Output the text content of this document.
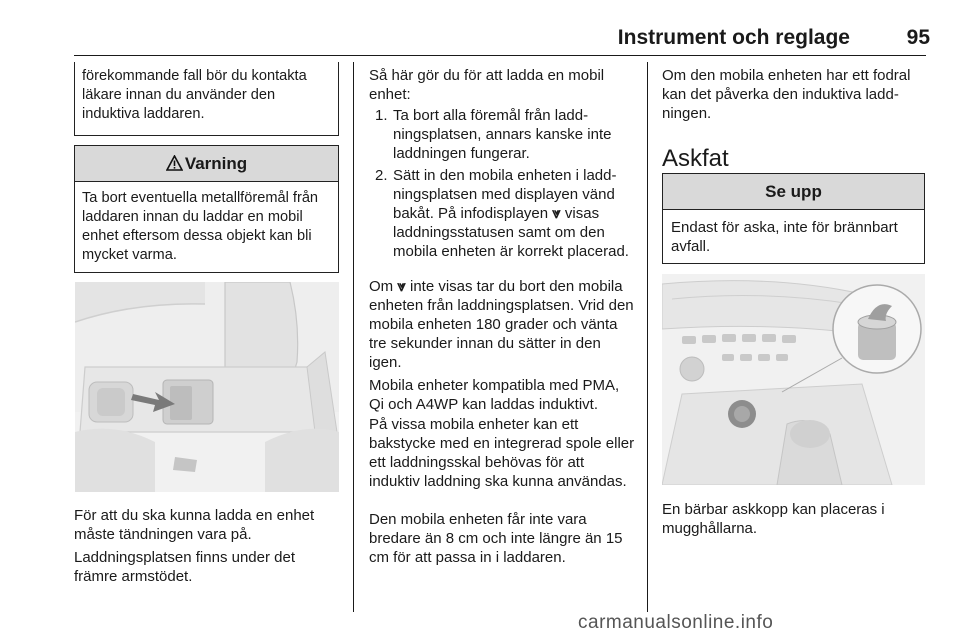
Instrument och reglage	95
förekommande fall bör du kontakta läkare innan du använder den induktiva laddaren.
Varning
Ta bort eventuella metallföremål från laddaren innan du laddar en mobil enhet eftersom dessa objekt kan bli mycket varma.

För att du ska kunna ladda en enhet måste tändningen vara på.

Laddningsplatsen finns under det främre armstödet.

Så här gör du för att ladda en mobil enhet:

1. Ta bort alla föremål från laddningsplatsen, annars kanske inte laddningen fungerar.
2. Sätt in den mobila enheten i laddningsplatsen med displayen vänd bakåt. På infodisplayen ⩔ visas laddningsstatusen samt om den mobila enheten är korrekt placerad.

Om ⩔ inte visas tar du bort den mobila enheten från laddningsplatsen. Vrid den mobila enheten 180 grader och vänta tre sekunder innan du sätter in den igen.

Mobila enheter kompatibla med PMA, Qi och A4WP kan laddas induktivt.

På vissa mobila enheter kan ett bakstycke med en integrerad spole eller ett laddningsskal behövas för att induktiv laddning ska kunna användas.

Den mobila enheten får inte vara bredare än 8 cm och inte längre än 15 cm för att passa in i laddaren.

Om den mobila enheten har ett fodral kan det påverka den induktiva laddningen.

Askfat
Se upp
Endast för aska, inte för brännbart avfall.

En bärbar askkopp kan placeras i mugghållarna.

carmanualsonline.info
